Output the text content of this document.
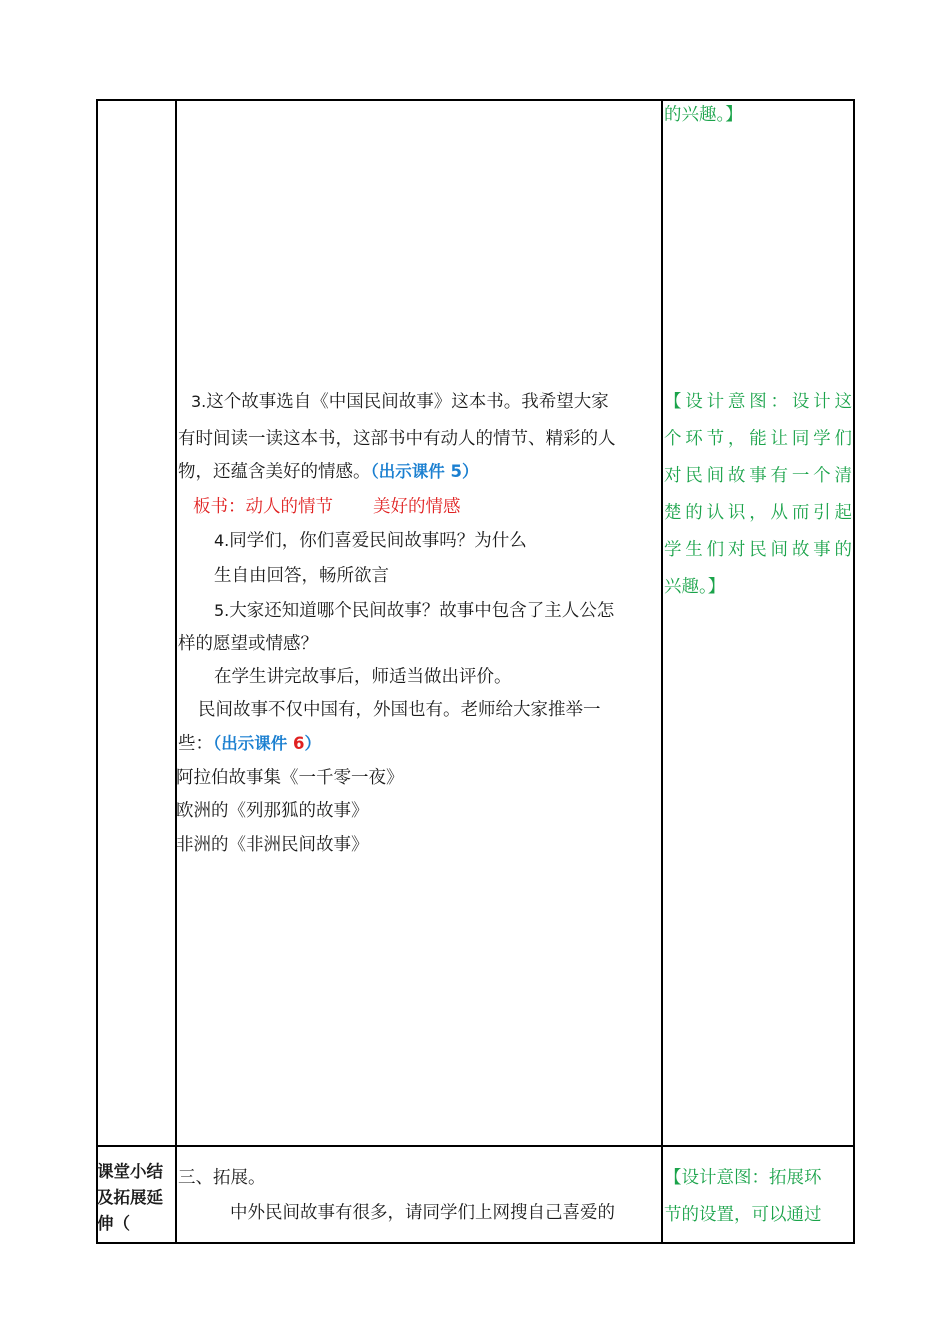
的兴趣。】
3.这个故事选自《中国民间故事》这本书。我希望大家
有时间读一读这本书，这部书中有动人的情节、精彩的人
物，还蕴含美好的情感。（出示课件 5）
板书：动人的情节 美好的情感
4.同学们，你们喜爱民间故事吗？为什么
生自由回答，畅所欲言
5.大家还知道哪个民间故事？故事中包含了主人公怎
样的愿望或情感？
在学生讲完故事后，师适当做出评价。
民间故事不仅中国有，外国也有。老师给大家推举一
些：（出示课件 6）
阿拉伯故事集《一千零一夜》
欧洲的《列那狐的故事》
非洲的《非洲民间故事》
【设计意图：设计这
个环节，能让同学们
对民间故事有一个清
楚的认识，从而引起
学生们对民间故事的
兴趣。】
课堂小结
及拓展延
伸（
三、拓展。
中外民间故事有很多，请同学们上网搜自己喜爱的
【设计意图：拓展环
节的设置，可以通过
